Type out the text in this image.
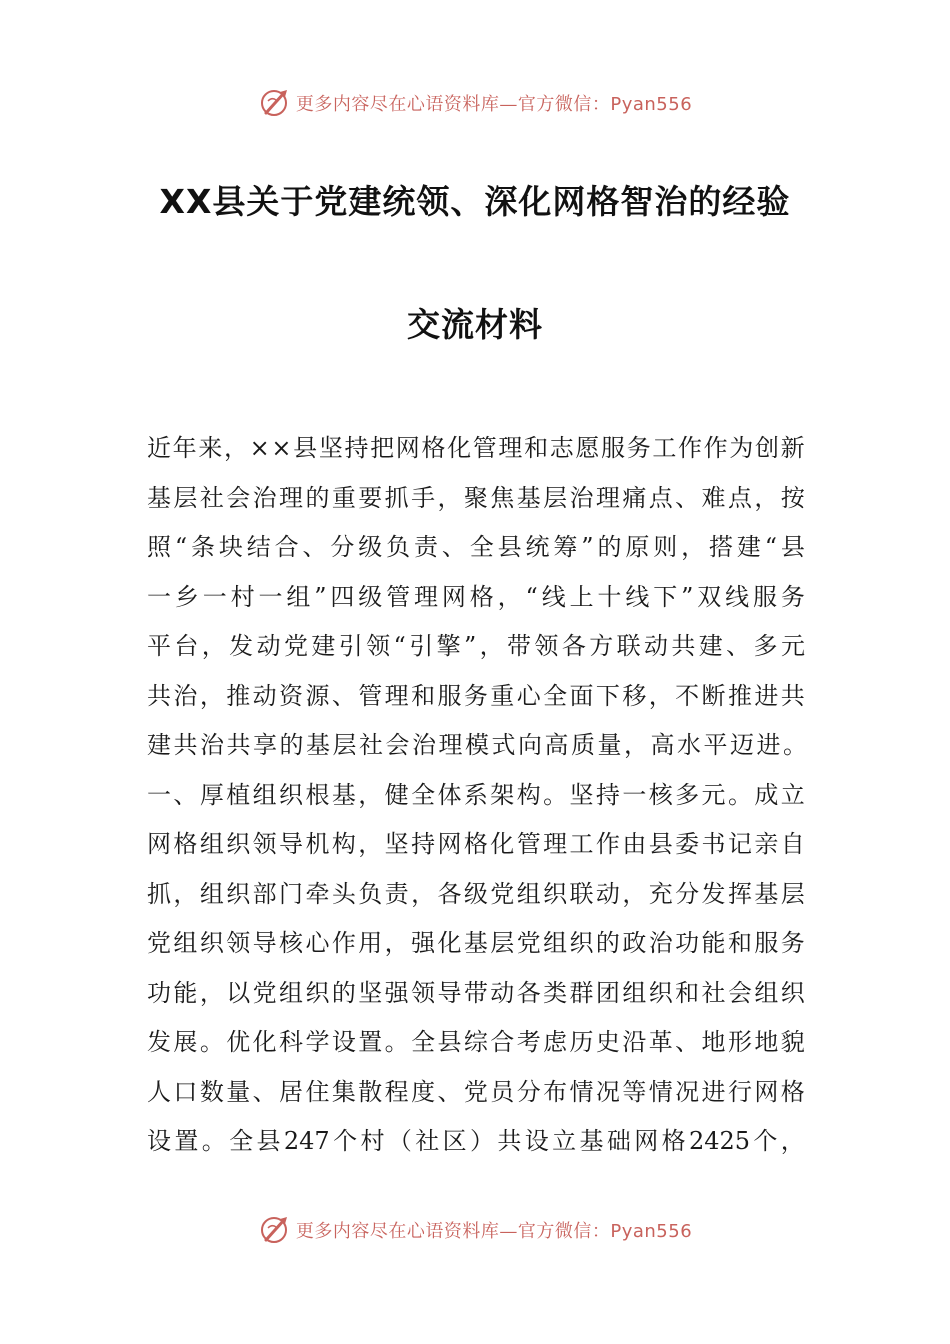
更多内容尽在心语资料库—官方微信：Pyan556
XX县关于党建统领、深化网格智治的经验
交流材料
近 年 来 ， × × 县 坚 持 把 网 格 化 管 理 和 志 愿 服 务 工 作 作 为 创 新
基 层 社 会 治 理 的 重 要 抓 手 ， 聚 焦 基 层 治 理 痛 点 、 难 点 ， 按
照 “ 条 块 结 合 、 分 级 负 责 、 全 县 统 筹 ” 的 原 则 ， 搭 建 “ 县
一 乡 一 村 一 组 ” 四 级 管 理 网 格 ， “ 线 上 十 线 下 ” 双 线 服 务
平 台 ， 发 动 党 建 引 领 “ 引 擎 ” ， 带 领 各 方 联 动 共 建 、 多 元
共 治 ， 推 动 资 源 、 管 理 和 服 务 重 心 全 面 下 移 ， 不 断 推 进 共
建共治共享的基层社会治理模式向高质量，高水平迈进。
一 、 厚 植 组 织 根 基 ， 健 全 体 系 架 构 。 坚 持 一 核 多 元 。 成 立
网 格 组 织 领 导 机 构 ， 坚 持 网 格 化 管 理 工 作 由 县 委 书 记 亲 自
抓 ， 组 织 部 门 牵 头 负 责 ， 各 级 党 组 织 联 动 ， 充 分 发 挥 基 层
党 组 织 领 导 核 心 作 用 ， 强 化 基 层 党 组 织 的 政 治 功 能 和 服 务
功 能 ， 以 党 组 织 的 坚 强 领 导 带 动 各 类 群 团 组 织 和 社 会 组 织
发 展 。 优 化 科 学 设 置 。 全 县 综 合 考 虑 历 史 沿 革 、 地 形 地 貌
人 口 数 量 、 居 住 集 散 程 度 、 党 员 分 布 情 况 等 情 况 进 行 网 格
设 置 。 全 县 247 个 村 （ 社 区 ） 共 设 立 基 础 网 格 2425 个 ，
更多内容尽在心语资料库—官方微信：Pyan556
